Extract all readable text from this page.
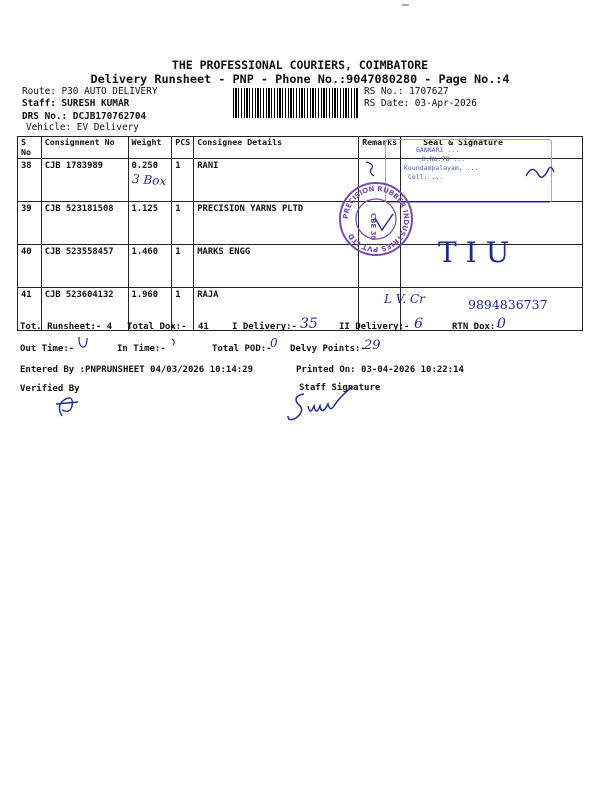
THE PROFESSIONAL COURIERS, COIMBATORE
Delivery Runsheet - PNP - Phone No.:9047080280 - Page No.:4
Route: P30 AUTO DELIVERY
Staff: SURESH KUMAR
DRS No.: DCJB170762704
Vehicle: EV Delivery
RS No.: 1707627
RS Date: 03-Apr-2026
S No	Consignment No	Weight	PCS	Consignee Details	Remarks	Seal & Signature
38	CJB 1783989	0.250	1	RANI		
39	CJB 523181508	1.125	1	PRECISION YARNS PLTD		
40	CJB 523558457	1.460	1	MARKS ENGG		
41	CJB 523604132	1.960	1	RAJA		
BANNARI ...
D.No.78 ...
Koundampalayam, ...
Cell: ...
PRECISION RUBBER INDUSTRIES PVT LTD	CBE 30
3 Box
TIU
L V. Cr	9894836737
Tot. Runsheet:- 4 Total Dox:- 41	I Delivery:- 35 II Delivery:- 6	RTN Dox:-
0
Out Time:-	In Time:-	Total POD:-
0 Delvy Points:-
29
Entered By :PNPRUNSHEET 04/03/2026 10:14:29	Printed On: 03-04-2026 10:22:14
Verified By	Staff Signature
